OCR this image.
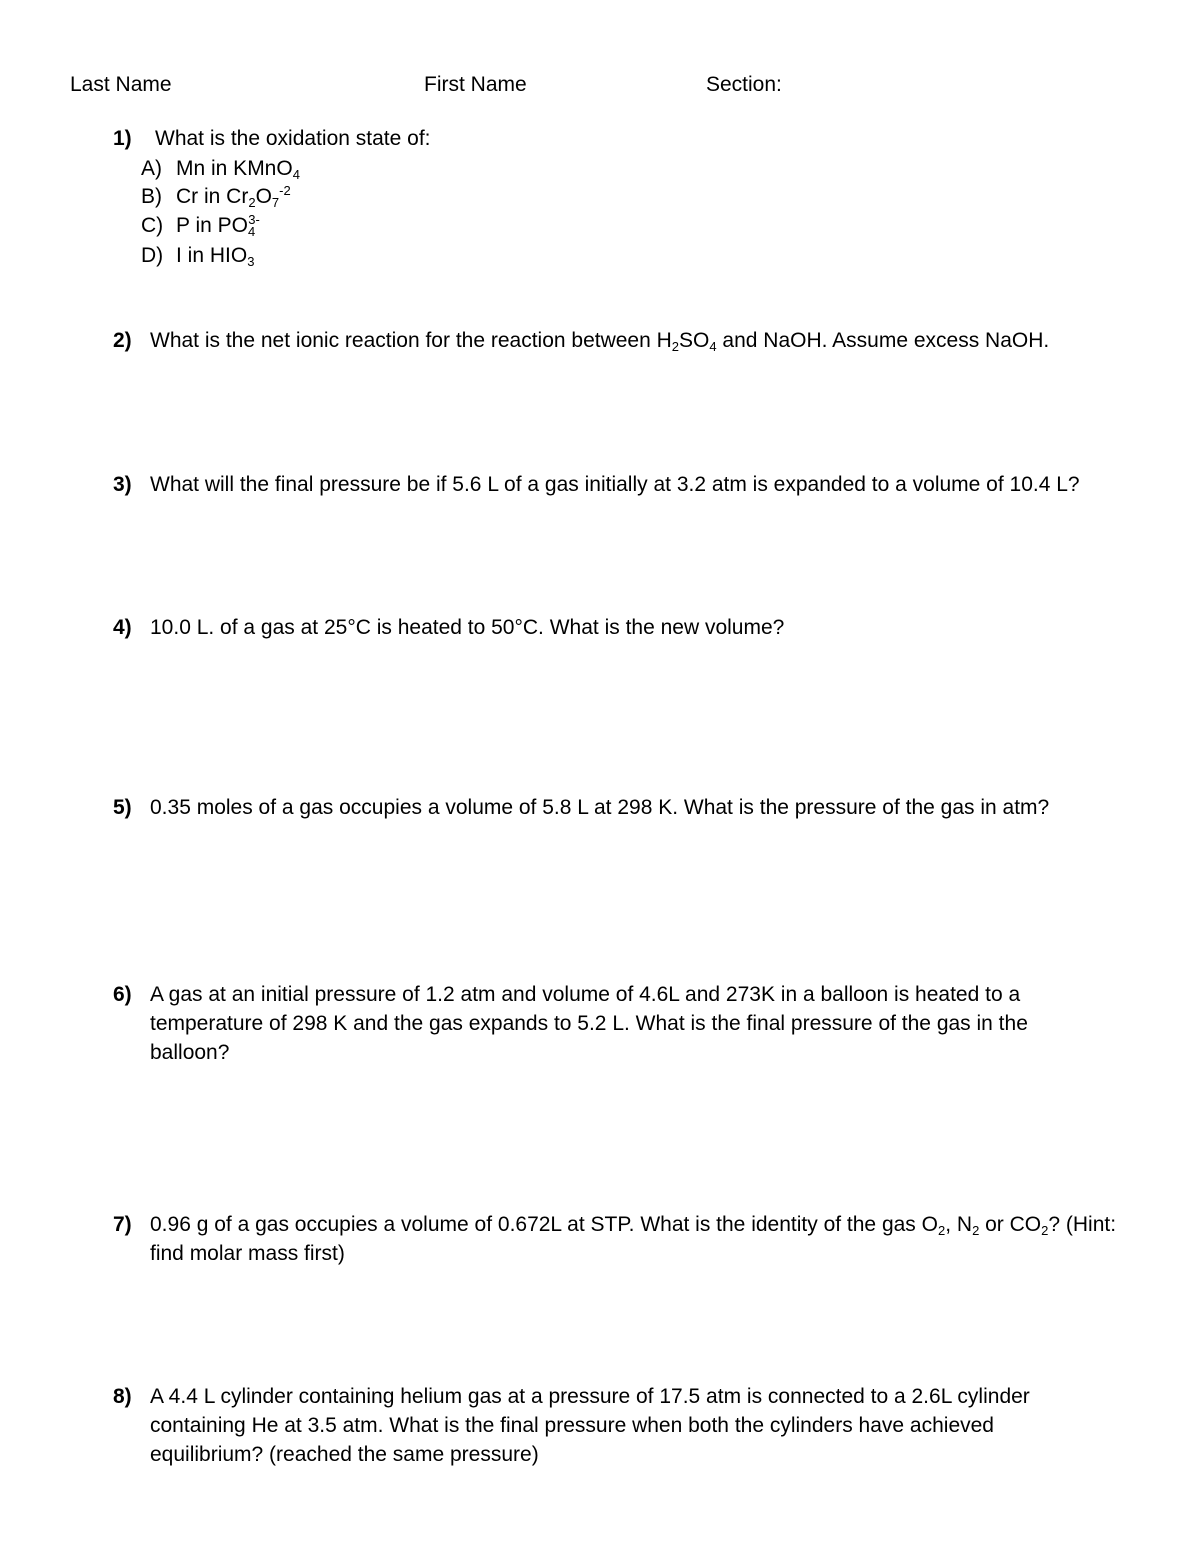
Last Name	First Name	Section:
1) What is the oxidation state of:
A) Mn in KMnO$_4$
B) Cr in $Cr_2O_7^{-2}$
C) P in $PO_4^{3-}$
D) I in $HIO_3$
2) What is the net ionic reaction for the reaction between $H_2SO_4$ and NaOH. Assume excess NaOH.
3) What will the final pressure be if 5.6 L of a gas initially at 3.2 atm is expanded to a volume of 10.4 L?
4) 10.0 L. of a gas at 25°C is heated to 50°C. What is the new volume?
5) 0.35 moles of a gas occupies a volume of 5.8 L at 298 K. What is the pressure of the gas in atm?
6) A gas at an initial pressure of 1.2 atm and volume of 4.6L and 273K in a balloon is heated to a temperature of 298 K and the gas expands to 5.2 L. What is the final pressure of the gas in the balloon?
7) 0.96 g of a gas occupies a volume of 0.672L at STP. What is the identity of the gas $O_2$, $N_2$ or $CO_2$? (Hint: find molar mass first)
8) A 4.4 L cylinder containing helium gas at a pressure of 17.5 atm is connected to a 2.6L cylinder containing He at 3.5 atm. What is the final pressure when both the cylinders have achieved equilibrium? (reached the same pressure)
